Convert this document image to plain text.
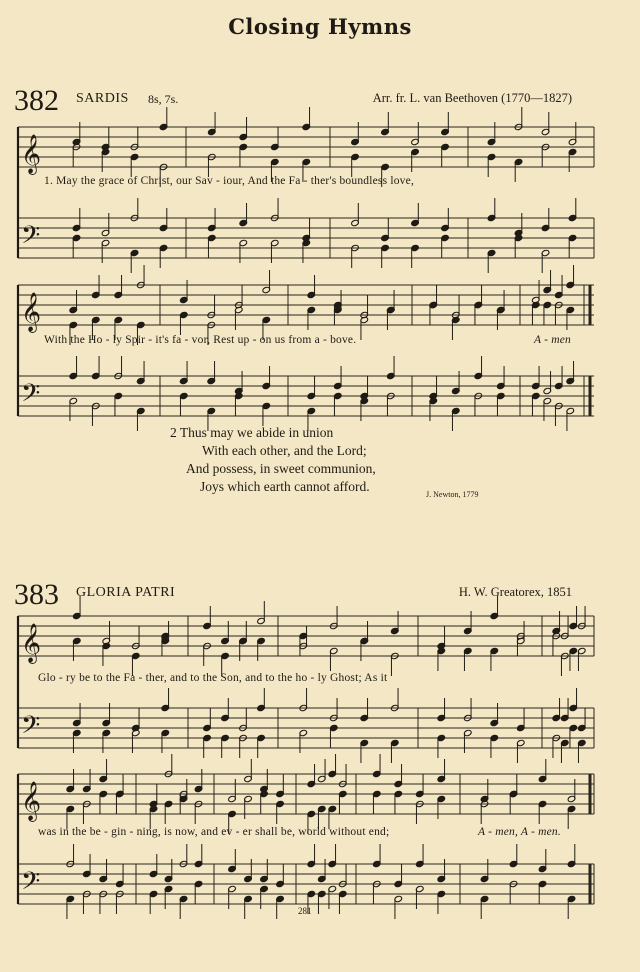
𝄞
𝄢
𝄞
𝄢
𝄞
𝄢
𝄞
𝄢
Closing Hymns
382 SARDIS 8s, 7s.	Arr. fr. L. van Beethoven (1770—1827)
1. May the grace of Christ, our Sav - iour, And the Fa - ther's boundless love,
With the Ho - ly Spir - it's fa - vor, Rest up - on us from a - bove.	A - men
2 Thus may we abide in union
With each other, and the Lord;
And possess, in sweet communion,
Joys which earth cannot afford.
J. Newton, 1779
383 GLORIA PATRI	H. W. Greatorex, 1851
Glo - ry be to the Fa - ther, and to the Son, and to the ho - ly Ghost; As it
was in the be - gin - ning, is now, and ev - er shall be, world without end;	A - men, A - men.
281
